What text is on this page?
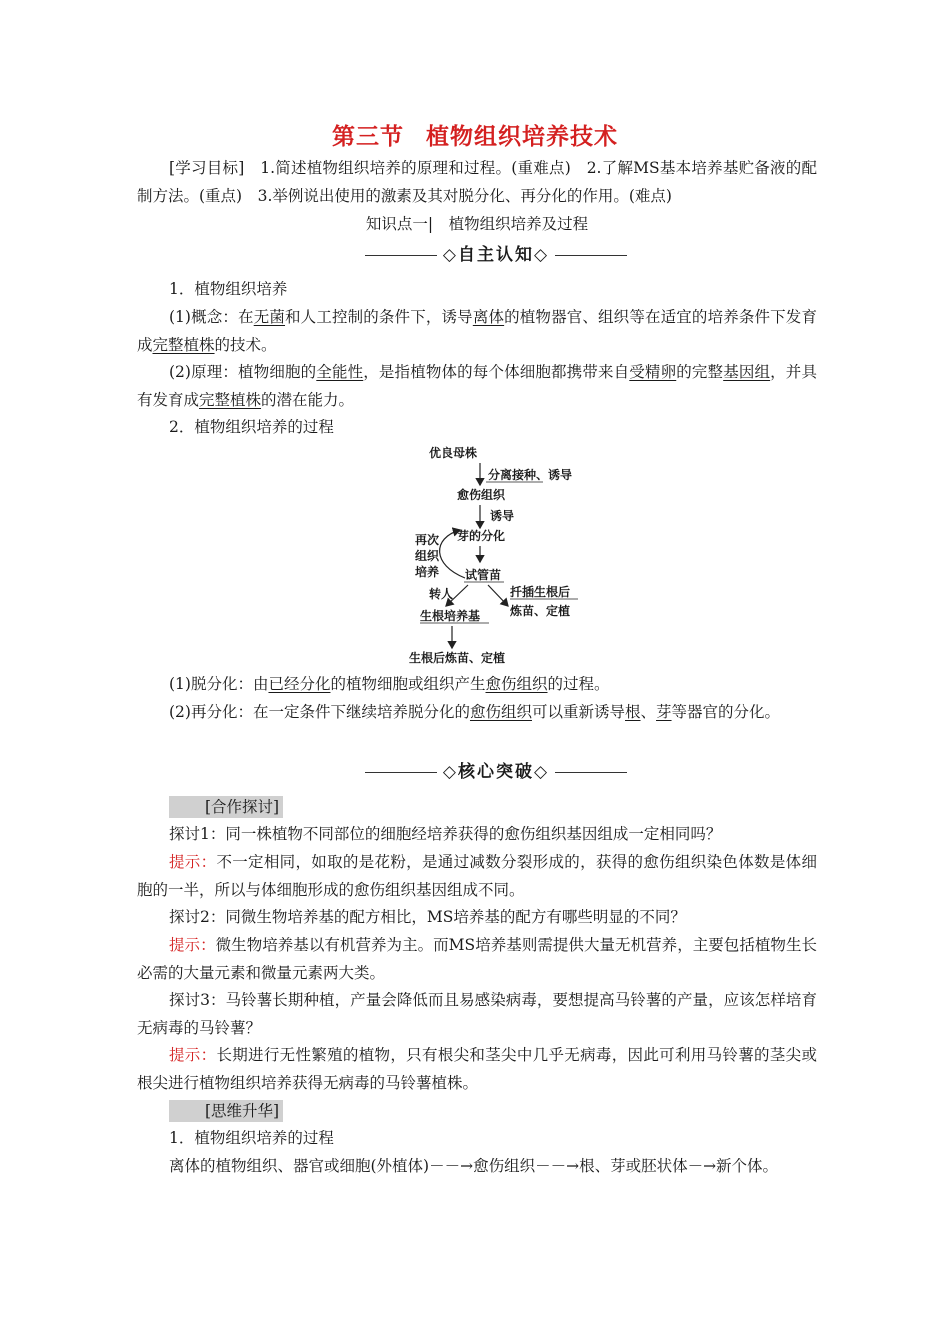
第三节 植物组织培养技术
[学习目标]　1.简述植物组织培养的原理和过程。(重难点)　2.了解MS基本培养基贮备液的配制方法。(重点)　3.举例说出使用的激素及其对脱分化、再分化的作用。(难点)
知识点一|　植物组织培养及过程
◇自主认知◇
1．植物组织培养
(1)概念：在无菌和人工控制的条件下，诱导离体的植物器官、组织等在适宜的培养条件下发育成完整植株的技术。
(2)原理：植物细胞的全能性，是指植物体的每个体细胞都携带来自受精卵的完整基因组，并具有发育成完整植株的潜在能力。
2．植物组织培养的过程
优良母株
分离接种、诱导
愈伤组织
诱导
芽的分化
再次
组织
培养 试管苗
转人	扦插生根后
炼苗、定植
生根培养基
生根后炼苗、定植
(1)脱分化：由已经分化的植物细胞或组织产生愈伤组织的过程。
(2)再分化：在一定条件下继续培养脱分化的愈伤组织可以重新诱导根、芽等器官的分化。
◇核心突破◇
[合作探讨]
探讨1：同一株植物不同部位的细胞经培养获得的愈伤组织基因组成一定相同吗？
提示：不一定相同，如取的是花粉，是通过减数分裂形成的，获得的愈伤组织染色体数是体细胞的一半，所以与体细胞形成的愈伤组织基因组成不同。
探讨2：同微生物培养基的配方相比，MS培养基的配方有哪些明显的不同？
提示：微生物培养基以有机营养为主。而MS培养基则需提供大量无机营养，主要包括植物生长必需的大量元素和微量元素两大类。
探讨3：马铃薯长期种植，产量会降低而且易感染病毒，要想提高马铃薯的产量，应该怎样培育无病毒的马铃薯？
提示：长期进行无性繁殖的植物，只有根尖和茎尖中几乎无病毒，因此可利用马铃薯的茎尖或根尖进行植物组织培养获得无病毒的马铃薯植株。
[思维升华]
1．植物组织培养的过程
离体的植物组织、器官或细胞(外植体)－－→愈伤组织－－→根、芽或胚状体－→新个体。
